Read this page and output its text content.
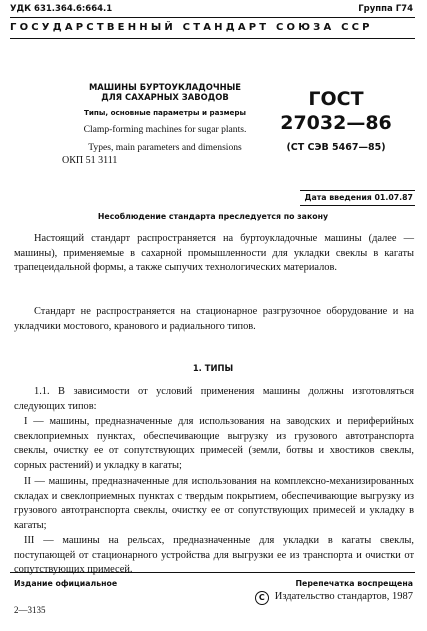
УДК 631.364.6:664.1	Группа Г74
ГОСУДАРСТВЕННЫЙ СТАНДАРТ СОЮЗА ССР
МАШИНЫ БУРТОУКЛАДОЧНЫЕ
ДЛЯ САХАРНЫХ ЗАВОДОВ
Типы, основные параметры и размеры
Clamp-forming machines for sugar plants.
Types, main parameters and dimensions
ГОСТ
27032—86
(СТ СЭВ 5467—85)
ОКП 51 3111
Дата введения 01.07.87
Несоблюдение стандарта преследуется по закону
Настоящий стандарт распространяется на буртоукладочные машины (далее — машины), применяемые в сахарной промышленности для укладки свеклы в кагаты трапецеидальной формы, а также сыпучих технологических материалов.
Стандарт не распространяется на стационарное разгрузочное оборудование и на укладчики мостового, кранового и радиального типов.
1. ТИПЫ
1.1. В зависимости от условий применения машины должны изготовляться следующих типов:
I — машины, предназначенные для использования на заводских и периферийных свеклоприемных пунктах, обеспечивающие выгрузку из грузового автотранспорта свеклы, очистку ее от сопутствующих примесей (земли, ботвы и хвостиков свеклы, сорных растений) и укладку в кагаты;
II — машины, предназначенные для использования на комплексно-механизированных складах и свеклоприемных пунктах с твердым покрытием, обеспечивающие выгрузку из грузового автотранспорта свеклы, очистку ее от сопутствующих примесей и укладку в кагаты;
III — машины на рельсах, предназначенные для укладки в кагаты свеклы, поступающей от стационарного устройства для выгрузки ее из транспорта и очистки от сопутствующих примесей.
Издание официальное	Перепечатка воспрещена
C Издательство стандартов, 1987
2—3135
